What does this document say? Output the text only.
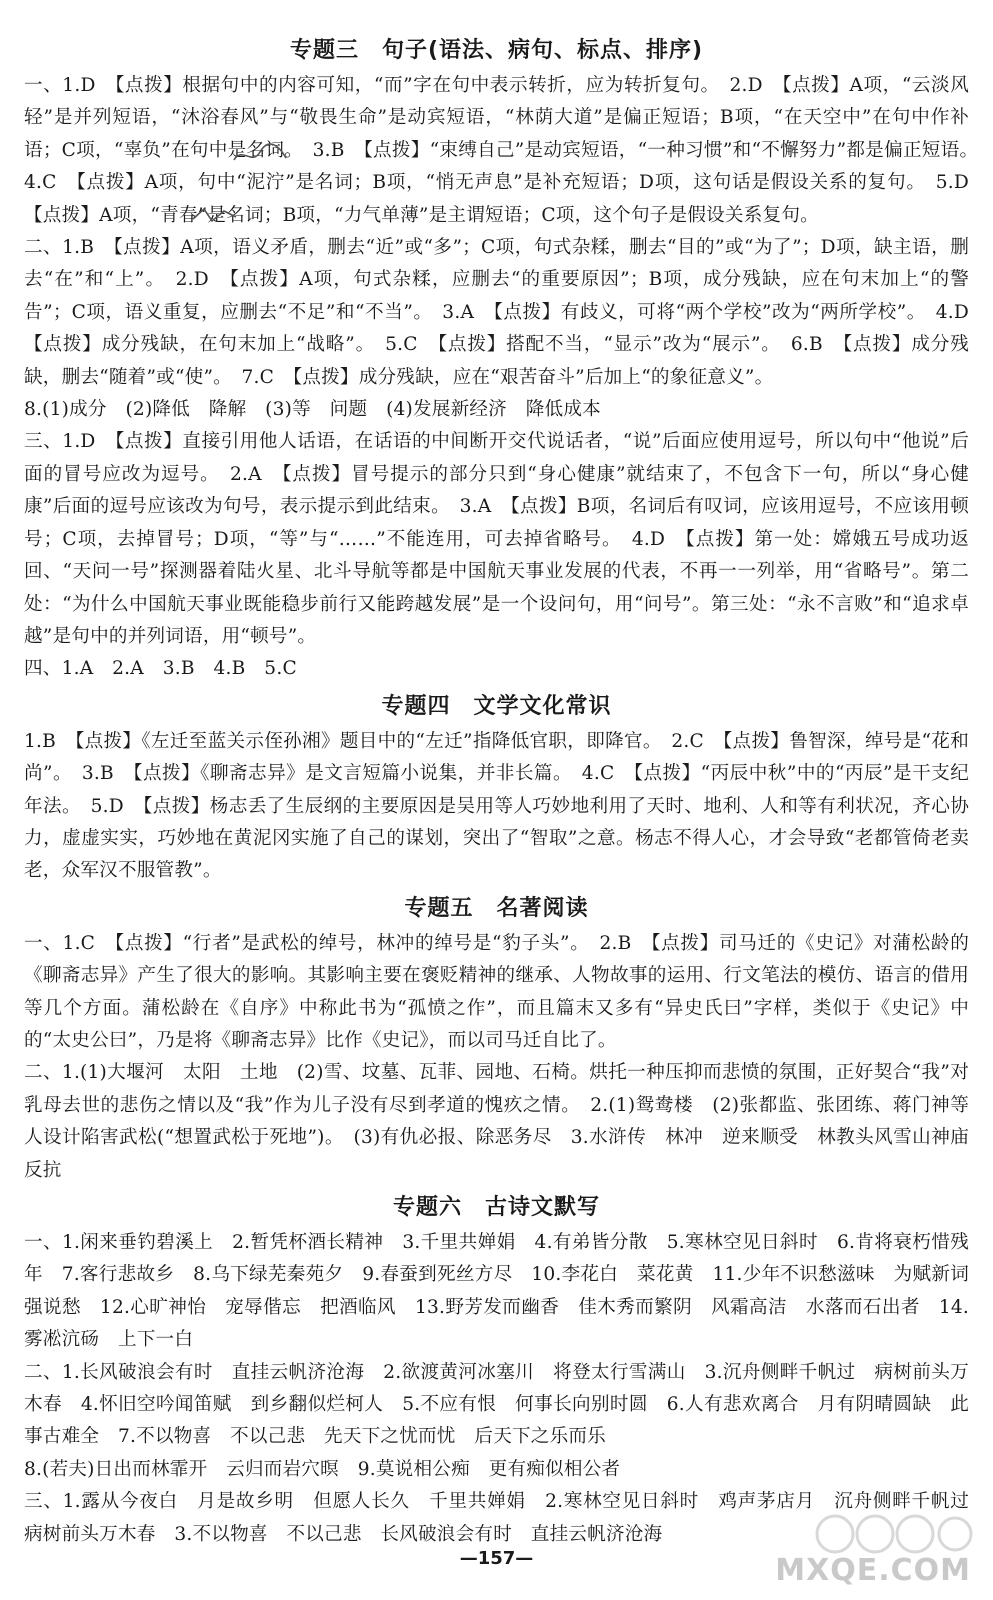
专题三　句子(语法、病句、标点、排序)

一、1.D　【点拨】根据句中的内容可知，“而”字在句中表示转折，应为转折复句。　2.D　【点拨】A项，“云淡风轻”是并列短语，“沐浴春风”与“敬畏生命”是动宾短语，“林荫大道”是偏正短语；B项，“在天空中”在句中作补语；C项，“辜负”在句中是名词。　3.B　【点拨】“束缚自己”是动宾短语，“一种习惯”和“不懈努力”都是偏正短语。　4.C　【点拨】A项，句中“泥泞”是名词；B项，“悄无声息”是补充短语；D项，这句话是假设关系的复句。　5.D　【点拨】A项，“青春”是名词；B项，“力气单薄”是主谓短语；C项，这个句子是假设关系复句。

二、1.B　【点拨】A项，语义矛盾，删去“近”或“多”；C项，句式杂糅，删去“目的”或“为了”；D项，缺主语，删去“在”和“上”。　2.D　【点拨】A项，句式杂糅，应删去“的重要原因”；B项，成分残缺，应在句末加上“的警告”；C项，语义重复，应删去“不足”和“不当”。　3.A　【点拨】有歧义，可将“两个学校”改为“两所学校”。　4.D　【点拨】成分残缺，在句末加上“战略”。　5.C　【点拨】搭配不当，“显示”改为“展示”。　6.B　【点拨】成分残缺，删去“随着”或“使”。　7.C　【点拨】成分残缺，应在“艰苦奋斗”后加上“的象征意义”。

8.(1)成分　(2)降低　降解　(3)等　问题　(4)发展新经济　降低成本

三、1.D　【点拨】直接引用他人话语，在话语的中间断开交代说话者，“说”后面应使用逗号，所以句中“他说”后面的冒号应改为逗号。　2.A　【点拨】冒号提示的部分只到“身心健康”就结束了，不包含下一句，所以“身心健康”后面的逗号应该改为句号，表示提示到此结束。　3.A　【点拨】B项，名词后有叹词，应该用逗号，不应该用顿号；C项，去掉冒号；D项，“等”与“……”不能连用，可去掉省略号。　4.D　【点拨】第一处：嫦娥五号成功返回、“天问一号”探测器着陆火星、北斗导航等都是中国航天事业发展的代表，不再一一列举，用“省略号”。第二处：“为什么中国航天事业既能稳步前行又能跨越发展”是一个设问句，用“问号”。第三处：“永不言败”和“追求卓越”是句中的并列词语，用“顿号”。

四、1.A　2.A　3.B　4.B　5.C

专题四　文学文化常识

1.B　【点拨】《左迁至蓝关示侄孙湘》题目中的“左迁”指降低官职，即降官。　2.C　【点拨】鲁智深，绰号是“花和尚”。　3.B　【点拨】《聊斋志异》是文言短篇小说集，并非长篇。　4.C　【点拨】“丙辰中秋”中的“丙辰”是干支纪年法。　5.D　【点拨】杨志丢了生辰纲的主要原因是吴用等人巧妙地利用了天时、地利、人和等有利状况，齐心协力，虚虚实实，巧妙地在黄泥冈实施了自己的谋划，突出了“智取”之意。杨志不得人心，才会导致“老都管倚老卖老，众军汉不服管教”。

专题五　名著阅读

一、1.C　【点拨】“行者”是武松的绰号，林冲的绰号是“豹子头”。　2.B　【点拨】司马迁的《史记》对蒲松龄的《聊斋志异》产生了很大的影响。其影响主要在褒贬精神的继承、人物故事的运用、行文笔法的模仿、语言的借用等几个方面。蒲松龄在《自序》中称此书为“孤愤之作”，而且篇末又多有“异史氏曰”字样，类似于《史记》中的“太史公曰”，乃是将《聊斋志异》比作《史记》，而以司马迁自比了。

二、1.(1)大堰河　太阳　土地　(2)雪、坟墓、瓦菲、园地、石椅。烘托一种压抑而悲愤的氛围，正好契合“我”对乳母去世的悲伤之情以及“我”作为儿子没有尽到孝道的愧疚之情。　2.(1)鸳鸯楼　(2)张都监、张团练、蒋门神等人设计陷害武松(“想置武松于死地”)。　(3)有仇必报、除恶务尽　3.水浒传　林冲　逆来顺受　林教头风雪山神庙　反抗

专题六　古诗文默写

一、1.闲来垂钓碧溪上　2.暂凭杯酒长精神　3.千里共婵娟　4.有弟皆分散　5.寒林空见日斜时　6.肯将衰朽惜残年　7.客行悲故乡　8.乌下绿芜秦苑夕　9.春蚕到死丝方尽　10.李花白　菜花黄　11.少年不识愁滋味　为赋新词强说愁　12.心旷神怡　宠辱偕忘　把酒临风　13.野芳发而幽香　佳木秀而繁阴　风霜高洁　水落而石出者　14.雾凇沆砀　上下一白

二、1.长风破浪会有时　直挂云帆济沧海　2.欲渡黄河冰塞川　将登太行雪满山　3.沉舟侧畔千帆过　病树前头万木春　4.怀旧空吟闻笛赋　到乡翻似烂柯人　5.不应有恨　何事长向别时圆　6.人有悲欢离合　月有阴晴圆缺　此事古难全　7.不以物喜　不以己悲　先天下之忧而忧　后天下之乐而乐

8.(若夫)日出而林霏开　云归而岩穴暝　9.莫说相公痴　更有痴似相公者

三、1.露从今夜白　月是故乡明　但愿人长久　千里共婵娟　2.寒林空见日斜时　鸡声茅店月　沉舟侧畔千帆过　病树前头万木春　3.不以物喜　不以己悲　长风破浪会有时　直挂云帆济沧海

—157—	MXQE.COM
